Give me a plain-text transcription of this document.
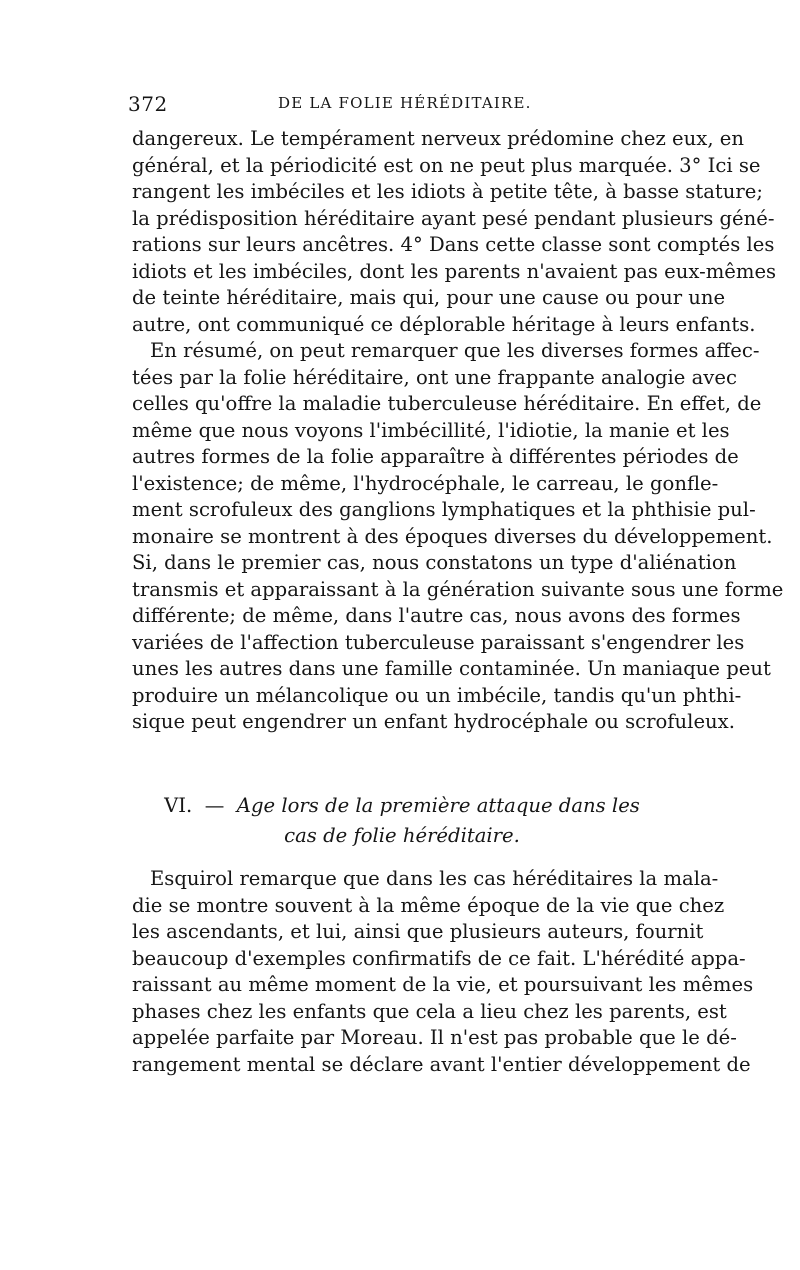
372	DE LA FOLIE HÉRÉDITAIRE.
dangereux. Le tempérament nerveux prédomine chez eux, en
général, et la périodicité est on ne peut plus marquée. 3° Ici se
rangent les imbéciles et les idiots à petite tête, à basse stature;
la prédisposition héréditaire ayant pesé pendant plusieurs géné-
rations sur leurs ancêtres. 4° Dans cette classe sont comptés les
idiots et les imbéciles, dont les parents n'avaient pas eux-mêmes
de teinte héréditaire, mais qui, pour une cause ou pour une
autre, ont communiqué ce déplorable héritage à leurs enfants.
En résumé, on peut remarquer que les diverses formes affec-
tées par la folie héréditaire, ont une frappante analogie avec
celles qu'offre la maladie tuberculeuse héréditaire. En effet, de
même que nous voyons l'imbécillité, l'idiotie, la manie et les
autres formes de la folie apparaître à différentes périodes de
l'existence; de même, l'hydrocéphale, le carreau, le gonfle-
ment scrofuleux des ganglions lymphatiques et la phthisie pul-
monaire se montrent à des époques diverses du développement.
Si, dans le premier cas, nous constatons un type d'aliénation
transmis et apparaissant à la génération suivante sous une forme
différente; de même, dans l'autre cas, nous avons des formes
variées de l'affection tuberculeuse paraissant s'engendrer les
unes les autres dans une famille contaminée. Un maniaque peut
produire un mélancolique ou un imbécile, tandis qu'un phthi-
sique peut engendrer un enfant hydrocéphale ou scrofuleux.
VI. — Age lors de la première attaque dans les
cas de folie héréditaire.
Esquirol remarque que dans les cas héréditaires la mala-
die se montre souvent à la même époque de la vie que chez
les ascendants, et lui, ainsi que plusieurs auteurs, fournit
beaucoup d'exemples confirmatifs de ce fait. L'hérédité appa-
raissant au même moment de la vie, et poursuivant les mêmes
phases chez les enfants que cela a lieu chez les parents, est
appelée parfaite par Moreau. Il n'est pas probable que le dé-
rangement mental se déclare avant l'entier développement de
